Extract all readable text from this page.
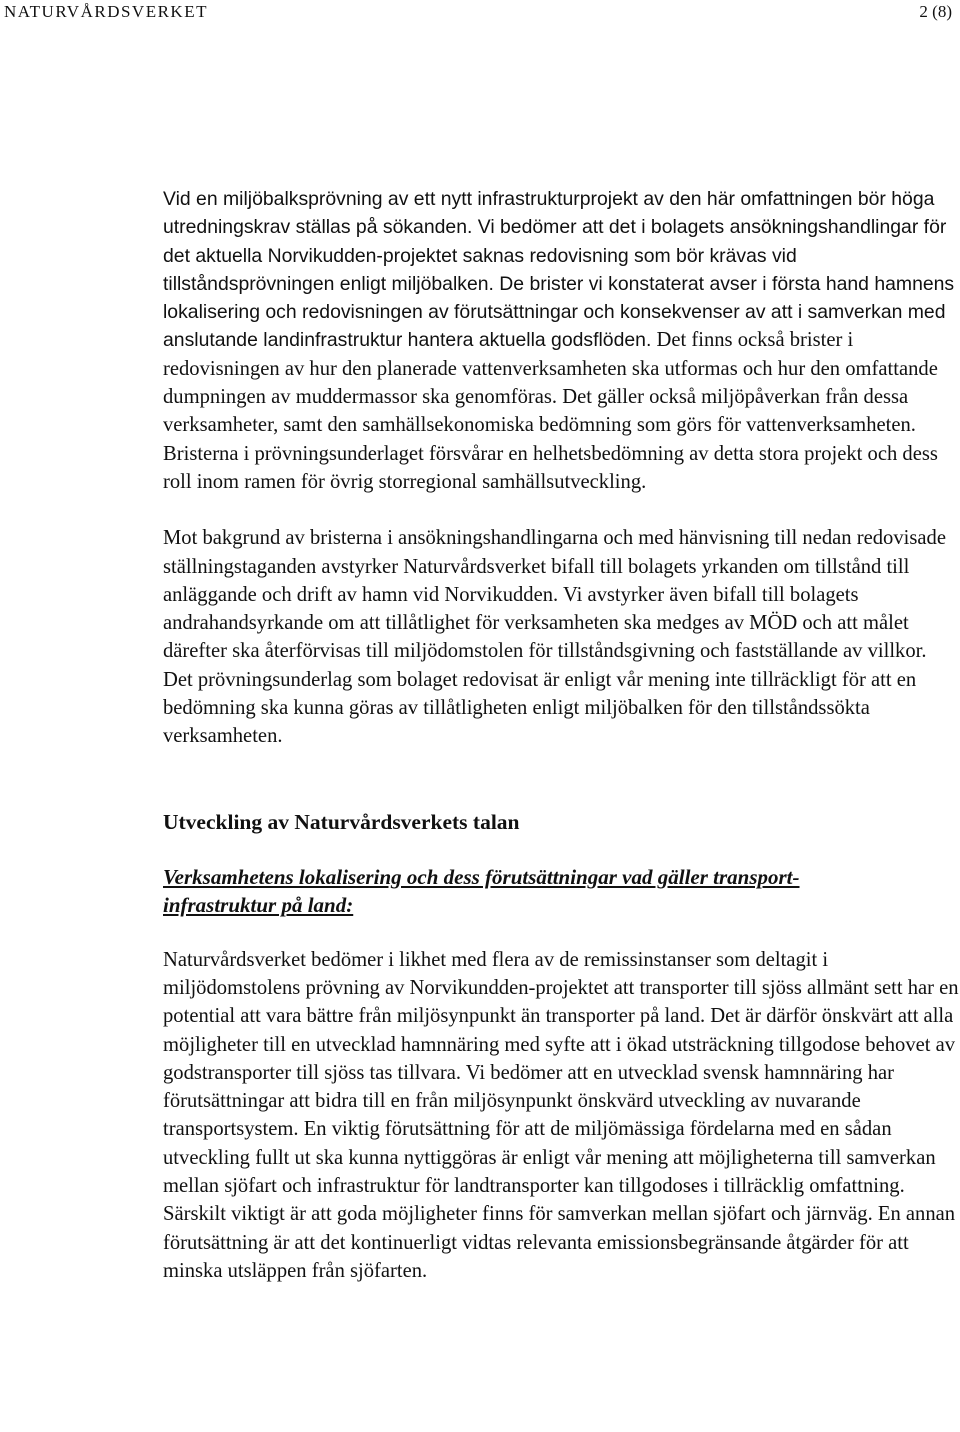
NATURVÅRDSVERKET	2 (8)

Vid en miljöbalksprövning av ett nytt infrastrukturprojekt av den här omfattningen bör höga utredningskrav ställas på sökanden. Vi bedömer att det i bolagets ansökningshandlingar för det aktuella Norvikudden-projektet saknas redovisning som bör krävas vid tillståndsprövningen enligt miljöbalken. De brister vi konstaterat avser i första hand hamnens lokalisering och redovisningen av förutsättningar och konsekvenser av att i samverkan med anslutande landinfrastruktur hantera aktuella godsflöden. Det finns också brister i redovisningen av hur den planerade vattenverksamheten ska utformas och hur den omfattande dumpningen av muddermassor ska genomföras. Det gäller också miljöpåverkan från dessa verksamheter, samt den samhällsekonomiska bedömning som görs för vattenverksamheten. Bristerna i prövningsunderlaget försvårar en helhetsbedömning av detta stora projekt och dess roll inom ramen för övrig storregional samhällsutveckling.

Mot bakgrund av bristerna i ansökningshandlingarna och med hänvisning till nedan redovisade ställningstaganden avstyrker Naturvårdsverket bifall till bolagets yrkanden om tillstånd till anläggande och drift av hamn vid Norvikudden. Vi avstyrker även bifall till bolagets andrahandsyrkande om att tillåtlighet för verksamheten ska medges av MÖD och att målet därefter ska återförvisas till miljödomstolen för tillståndsgivning och fastställande av villkor. Det prövningsunderlag som bolaget redovisat är enligt vår mening inte tillräckligt för att en bedömning ska kunna göras av tillåtligheten enligt miljöbalken för den tillståndssökta verksamheten.

Utveckling av Naturvårdsverkets talan
Verksamhetens lokalisering och dess förutsättningar vad gäller transport-infrastruktur på land:

Naturvårdsverket bedömer i likhet med flera av de remissinstanser som deltagit i miljödomstolens prövning av Norvikundden-projektet att transporter till sjöss allmänt sett har en potential att vara bättre från miljösynpunkt än transporter på land. Det är därför önskvärt att alla möjligheter till en utvecklad hamnnäring med syfte att i ökad utsträckning tillgodose behovet av godstransporter till sjöss tas tillvara. Vi bedömer att en utvecklad svensk hamnnäring har förutsättningar att bidra till en från miljösynpunkt önskvärd utveckling av nuvarande transportsystem. En viktig förutsättning för att de miljömässiga fördelarna med en sådan utveckling fullt ut ska kunna nyttiggöras är enligt vår mening att möjligheterna till samverkan mellan sjöfart och infrastruktur för landtransporter kan tillgodoses i tillräcklig omfattning. Särskilt viktigt är att goda möjligheter finns för samverkan mellan sjöfart och järnväg. En annan förutsättning är att det kontinuerligt vidtas relevanta emissionsbegränsande åtgärder för att minska utsläppen från sjöfarten.
